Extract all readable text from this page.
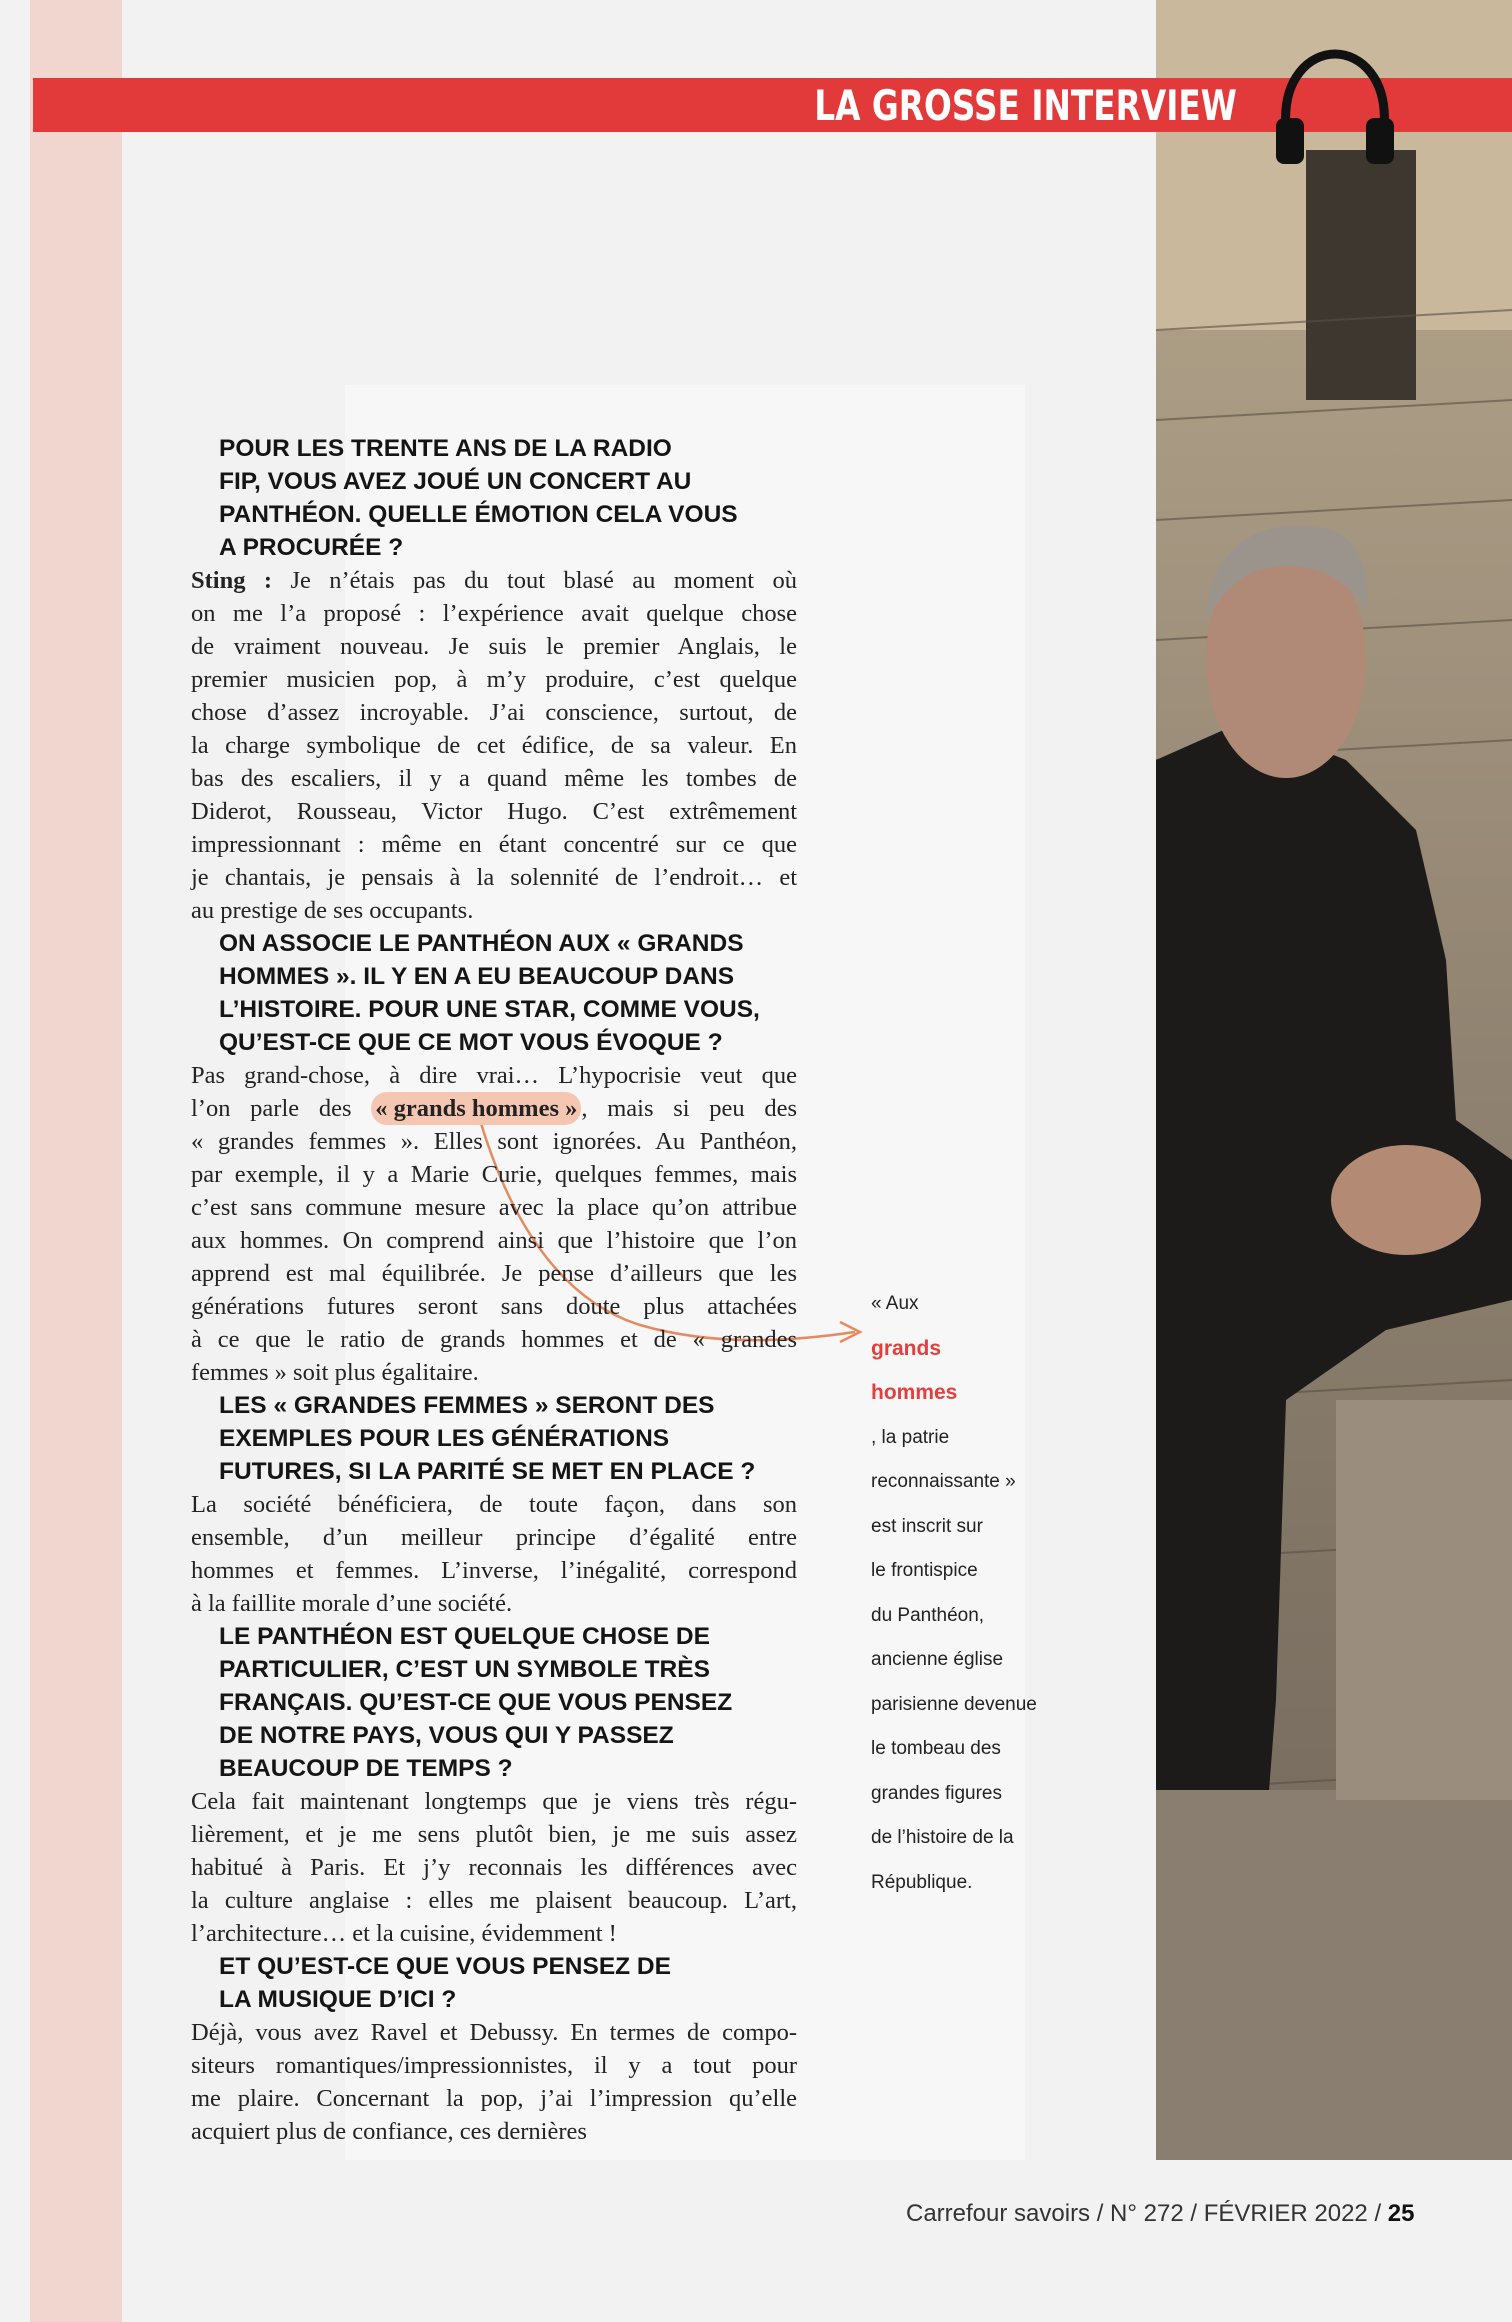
LA GROSSE INTERVIEW
POUR LES TRENTE ANS DE LA RADIO
FIP, VOUS AVEZ JOUÉ UN CONCERT AU
PANTHÉON. QUELLE ÉMOTION CELA VOUS
A PROCURÉE ?
Sting : Je n’étais pas du tout blasé au moment où
on me l’a proposé : l’expérience avait quelque chose
de vraiment nouveau. Je suis le premier Anglais, le
premier musicien pop, à m’y produire, c’est quelque
chose d’assez incroyable. J’ai conscience, surtout, de
la charge symbolique de cet édifice, de sa valeur. En
bas des escaliers, il y a quand même les tombes de
Diderot, Rousseau, Victor Hugo. C’est extrêmement
impressionnant : même en étant concentré sur ce que
je chantais, je pensais à la solennité de l’endroit… et
au prestige de ses occupants.
ON ASSOCIE LE PANTHÉON AUX « GRANDS
HOMMES ». IL Y EN A EU BEAUCOUP DANS
L’HISTOIRE. POUR UNE STAR, COMME VOUS,
QU’EST-CE QUE CE MOT VOUS ÉVOQUE ?
Pas grand-chose, à dire vrai… L’hypocrisie veut que
l’on parle des « grands hommes » , mais si peu des
« grandes femmes ». Elles sont ignorées. Au Panthéon,
par exemple, il y a Marie Curie, quelques femmes, mais
c’est sans commune mesure avec la place qu’on attribue
aux hommes. On comprend ainsi que l’histoire que l’on
apprend est mal équilibrée. Je pense d’ailleurs que les
générations futures seront sans doute plus attachées
à ce que le ratio de grands hommes et de « grandes
femmes » soit plus égalitaire.
LES « GRANDES FEMMES » SERONT DES
EXEMPLES POUR LES GÉNÉRATIONS
FUTURES, SI LA PARITÉ SE MET EN PLACE ?
La société bénéficiera, de toute façon, dans son
ensemble, d’un meilleur principe d’égalité entre
hommes et femmes. L’inverse, l’inégalité, correspond
à la faillite morale d’une société.
LE PANTHÉON EST QUELQUE CHOSE DE
PARTICULIER, C’EST UN SYMBOLE TRÈS
FRANÇAIS. QU’EST-CE QUE VOUS PENSEZ
DE NOTRE PAYS, VOUS QUI Y PASSEZ
BEAUCOUP DE TEMPS ?
Cela fait maintenant longtemps que je viens très régu-
lièrement, et je me sens plutôt bien, je me suis assez
habitué à Paris. Et j’y reconnais les différences avec
la culture anglaise : elles me plaisent beaucoup. L’art,
l’architecture… et la cuisine, évidemment !
ET QU’EST-CE QUE VOUS PENSEZ DE
LA MUSIQUE D’ICI ?
Déjà, vous avez Ravel et Debussy. En termes de compo-
siteurs romantiques/impressionnistes, il y a tout pour
me plaire. Concernant la pop, j’ai l’impression qu’elle
acquiert plus de confiance, ces dernières
« Aux
grands
hommes
, la patrie
reconnaissante »
est inscrit sur
le frontispice
du Panthéon,
ancienne église
parisienne devenue
le tombeau des
grandes figures
de l’histoire de la
République.
Carrefour savoirs / N° 272 / FÉVRIER 2022 / 25
